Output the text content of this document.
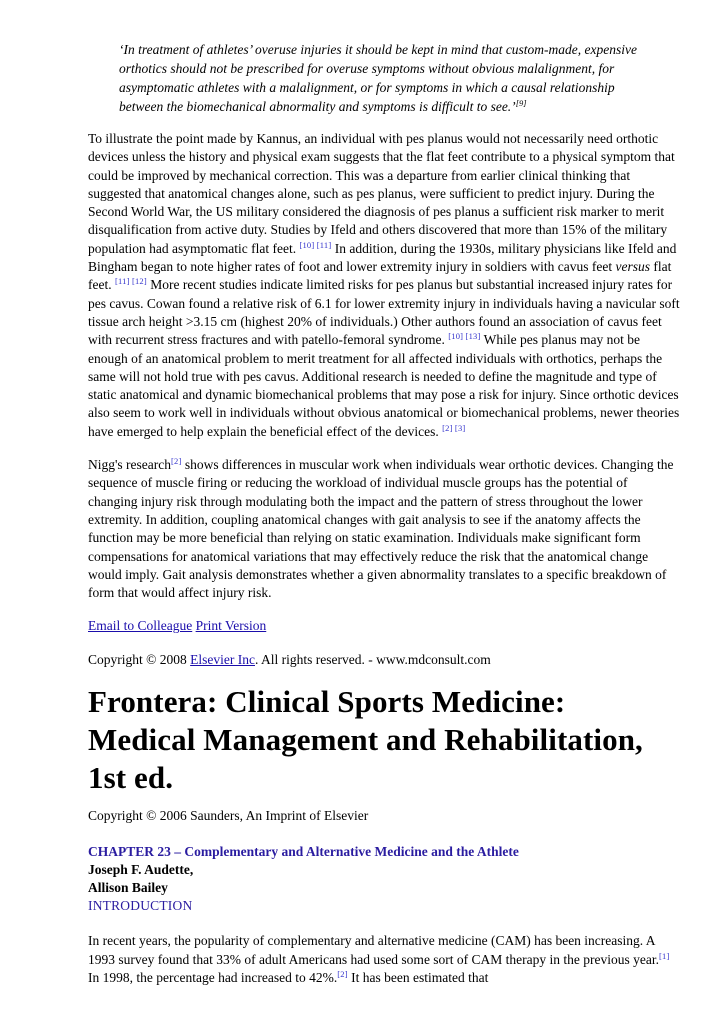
‘In treatment of athletes’ overuse injuries it should be kept in mind that custom-made, expensive orthotics should not be prescribed for overuse symptoms without obvious malalignment, for asymptomatic athletes with a malalignment, or for symptoms in which a causal relationship between the biomechanical abnormality and symptoms is difficult to see.’[9]

To illustrate the point made by Kannus, an individual with pes planus would not necessarily need orthotic devices unless the history and physical exam suggests that the flat feet contribute to a physical symptom that could be improved by mechanical correction. This was a departure from earlier clinical thinking that suggested that anatomical changes alone, such as pes planus, were sufficient to predict injury. During the Second World War, the US military considered the diagnosis of pes planus a sufficient risk marker to merit disqualification from active duty. Studies by Ifeld and others discovered that more than 15% of the military population had asymptomatic flat feet. [10] [11] In addition, during the 1930s, military physicians like Ifeld and Bingham began to note higher rates of foot and lower extremity injury in soldiers with cavus feet versus flat feet. [11] [12] More recent studies indicate limited risks for pes planus but substantial increased injury rates for pes cavus. Cowan found a relative risk of 6.1 for lower extremity injury in individuals having a navicular soft tissue arch height >3.15 cm (highest 20% of individuals.) Other authors found an association of cavus feet with recurrent stress fractures and with patello-femoral syndrome. [10] [13] While pes planus may not be enough of an anatomical problem to merit treatment for all affected individuals with orthotics, perhaps the same will not hold true with pes cavus. Additional research is needed to define the magnitude and type of static anatomical and dynamic biomechanical problems that may pose a risk for injury. Since orthotic devices also seem to work well in individuals without obvious anatomical or biomechanical problems, newer theories have emerged to help explain the beneficial effect of the devices. [2] [3]

Nigg's research[2] shows differences in muscular work when individuals wear orthotic devices. Changing the sequence of muscle firing or reducing the workload of individual muscle groups has the potential of changing injury risk through modulating both the impact and the pattern of stress throughout the lower extremity. In addition, coupling anatomical changes with gait analysis to see if the anatomy affects the function may be more beneficial than relying on static examination. Individuals make significant form compensations for anatomical variations that may effectively reduce the risk that the anatomical change would imply. Gait analysis demonstrates whether a given abnormality translates to a specific breakdown of form that would affect injury risk.

Email to Colleague Print Version

Copyright © 2008 Elsevier Inc. All rights reserved. - www.mdconsult.com

Frontera: Clinical Sports Medicine: Medical Management and Rehabilitation, 1st ed.

Copyright © 2006 Saunders, An Imprint of Elsevier

CHAPTER 23 – Complementary and Alternative Medicine and the Athlete

Joseph F. Audette,

Allison Bailey

INTRODUCTION

In recent years, the popularity of complementary and alternative medicine (CAM) has been increasing. A 1993 survey found that 33% of adult Americans had used some sort of CAM therapy in the previous year.[1] In 1998, the percentage had increased to 42%.[2] It has been estimated that
